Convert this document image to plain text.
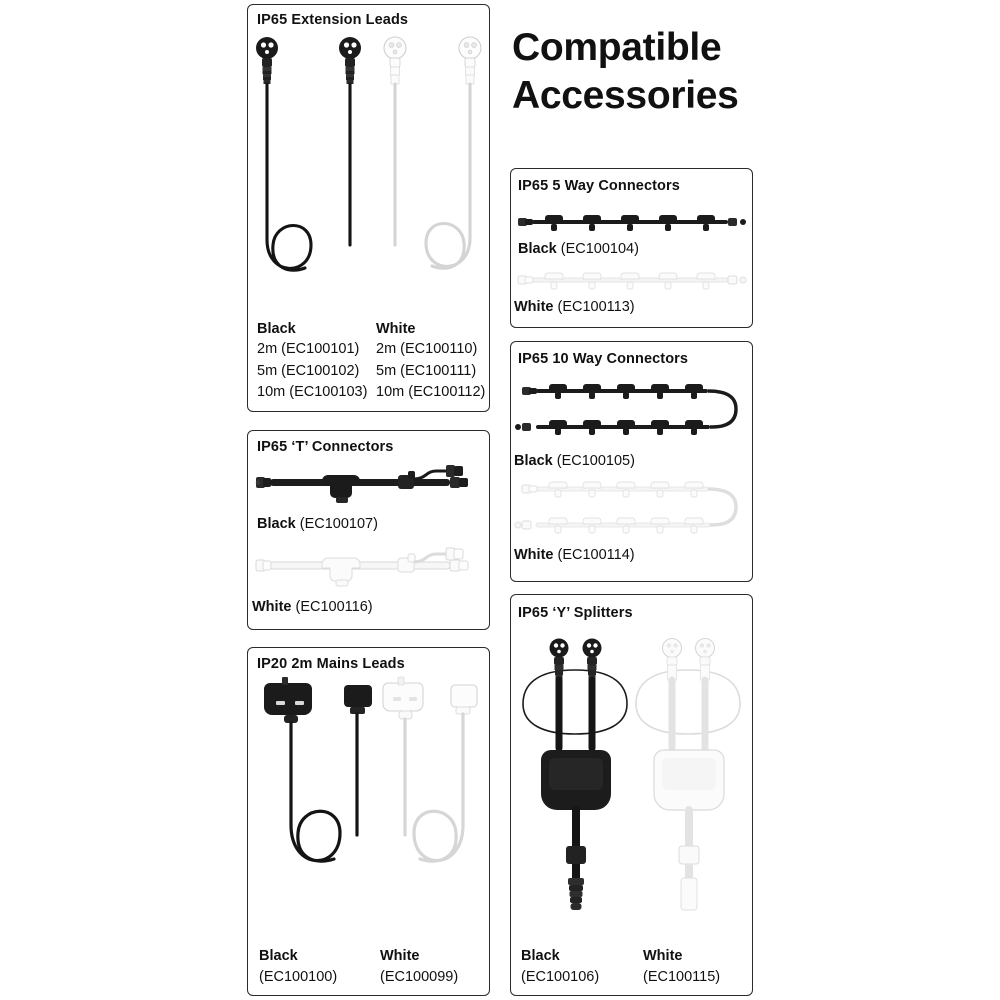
Compatible
Accessories
IP65 Extension Leads
Black
2m (EC100101)
5m (EC100102)
10m (EC100103)
White
2m (EC100110)
5m (EC100111)
10m (EC100112)
IP65 ‘T’ Connectors
Black (EC100107)
White (EC100116)
IP20 2m Mains Leads
Black
(EC100100)
White
(EC100099)
IP65 5 Way Connectors
Black (EC100104)
White (EC100113)
IP65 10 Way Connectors
Black (EC100105)
White (EC100114)
IP65 ‘Y’ Splitters
Black
(EC100106)
White
(EC100115)
